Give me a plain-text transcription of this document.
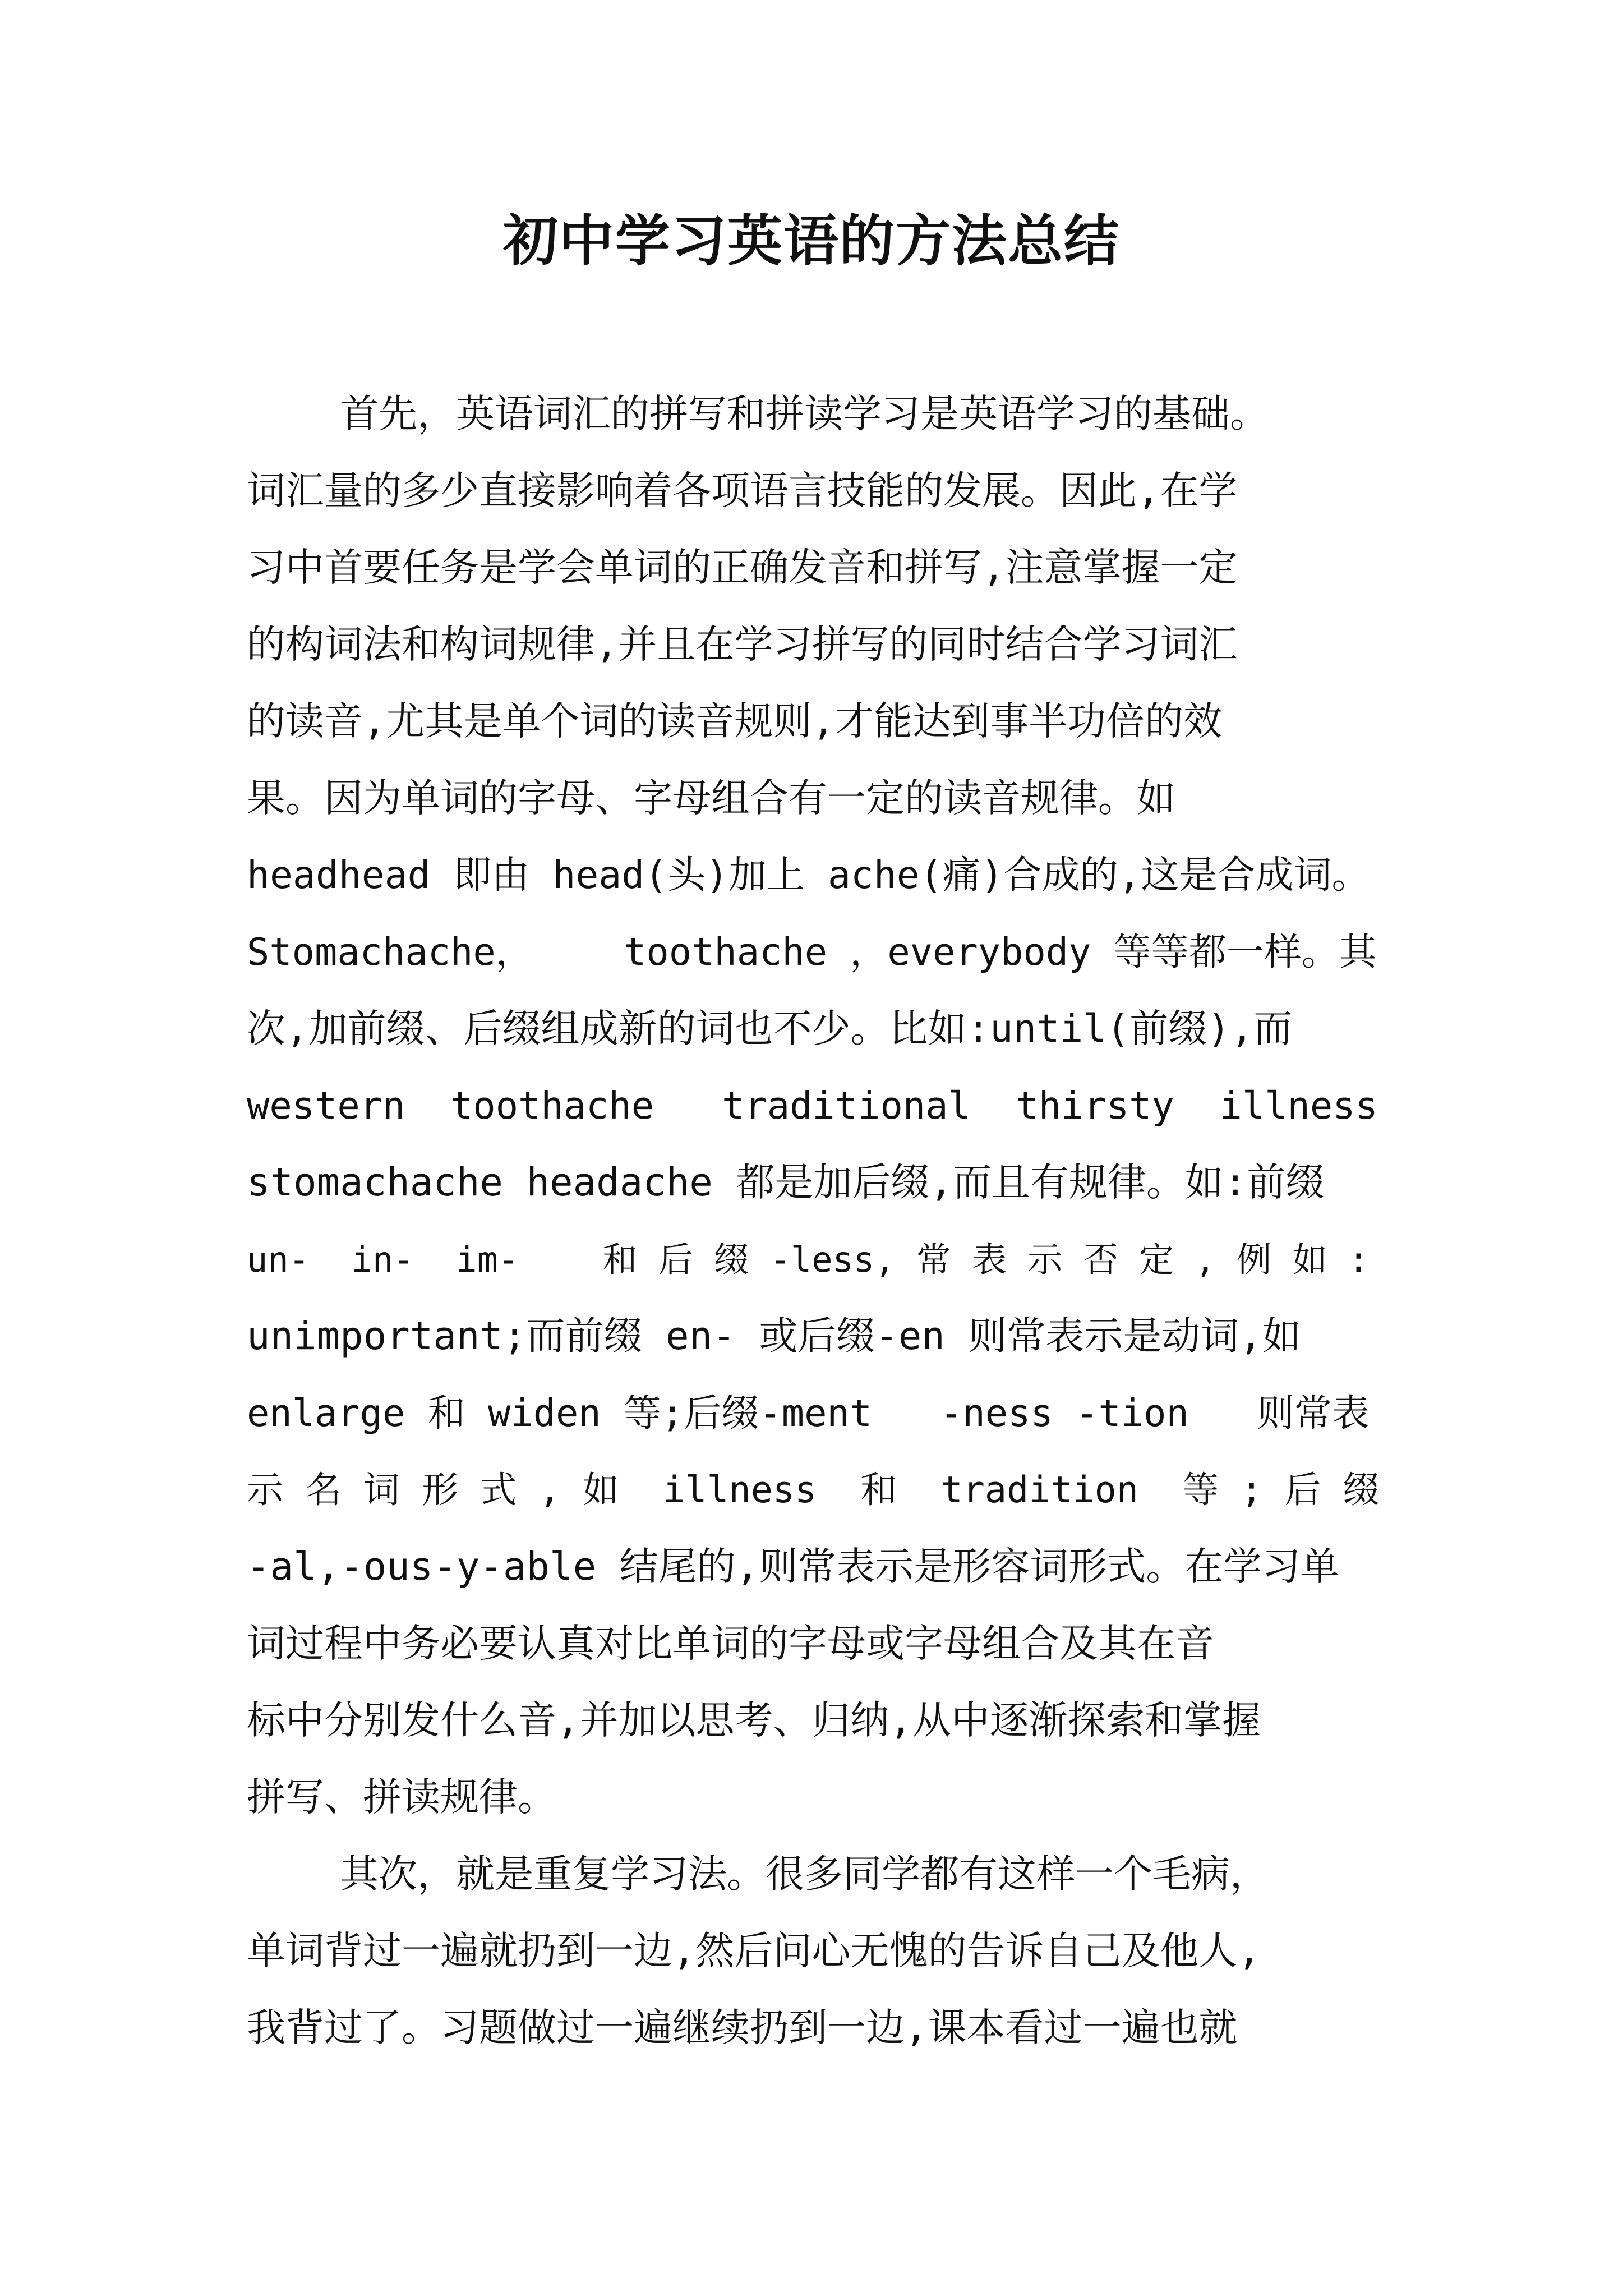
初中学习英语的方法总结
首先，英语词汇的拼写和拼读学习是英语学习的基础。
词汇量的多少直接影响着各项语言技能的发展。因此,在学
习中首要任务是学会单词的正确发音和拼写,注意掌握一定
的构词法和构词规律,并且在学习拼写的同时结合学习词汇
的读音,尤其是单个词的读音规则,才能达到事半功倍的效
果。因为单词的字母、字母组合有一定的读音规律。如
headhead 即由 head(头)加上 ache(痛)合成的,这是合成词。
Stomachache，    toothache ，everybody 等等都一样。其
次,加前缀、后缀组成新的词也不少。比如:until(前缀),而
western  toothache   traditional  thirsty  illness
stomachache headache 都是加后缀,而且有规律。如:前缀
un-  in-  im-    和 后 缀 -less, 常 表 示 否 定 , 例 如 :
unimportant;而前缀 en- 或后缀-en 则常表示是动词,如
enlarge 和 widen 等;后缀-ment   -ness -tion   则常表
示 名 词 形 式 , 如  illness  和  tradition  等 ; 后 缀
-al,-ous-y-able 结尾的,则常表示是形容词形式。在学习单
词过程中务必要认真对比单词的字母或字母组合及其在音
标中分别发什么音,并加以思考、归纳,从中逐渐探索和掌握
拼写、拼读规律。
其次，就是重复学习法。很多同学都有这样一个毛病，
单词背过一遍就扔到一边,然后问心无愧的告诉自己及他人,
我背过了。习题做过一遍继续扔到一边,课本看过一遍也就
